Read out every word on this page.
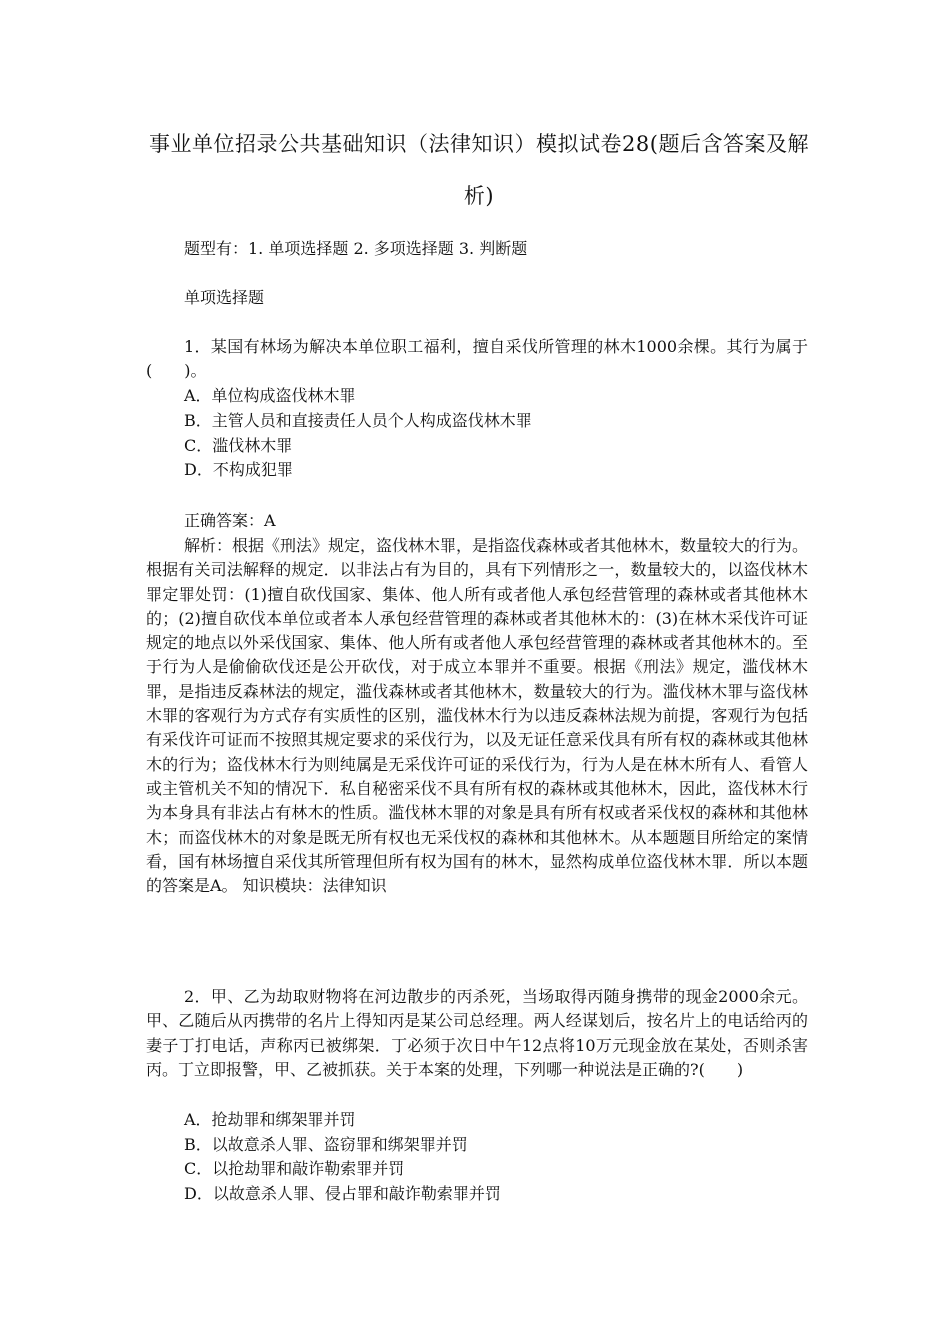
事业单位招录公共基础知识（法律知识）模拟试卷28(题后含答案及解析)
题型有：1. 单项选择题 2. 多项选择题 3. 判断题
单项选择题
1．某国有林场为解决本单位职工福利，擅自采伐所管理的林木1000余棵。其行为属于(　　)。
A．单位构成盗伐林木罪
B．主管人员和直接责任人员个人构成盗伐林木罪
C．滥伐林木罪
D．不构成犯罪
正确答案：A
解析：根据《刑法》规定，盗伐林木罪，是指盗伐森林或者其他林木，数量较大的行为。根据有关司法解释的规定．以非法占有为目的，具有下列情形之一，数量较大的，以盗伐林木罪定罪处罚：(1)擅自砍伐国家、集体、他人所有或者他人承包经营管理的森林或者其他林木的；(2)擅自砍伐本单位或者本人承包经营管理的森林或者其他林木的：(3)在林木采伐许可证规定的地点以外采伐国家、集体、他人所有或者他人承包经营管理的森林或者其他林木的。至于行为人是偷偷砍伐还是公开砍伐，对于成立本罪并不重要。根据《刑法》规定，滥伐林木罪，是指违反森林法的规定，滥伐森林或者其他林木，数量较大的行为。滥伐林木罪与盗伐林木罪的客观行为方式存有实质性的区别，滥伐林木行为以违反森林法规为前提，客观行为包括有采伐许可证而不按照其规定要求的采伐行为，以及无证任意采伐具有所有权的森林或其他林木的行为；盗伐林木行为则纯属是无采伐许可证的采伐行为，行为人是在林木所有人、看管人或主管机关不知的情况下．私自秘密采伐不具有所有权的森林或其他林木，因此，盗伐林木行为本身具有非法占有林木的性质。滥伐林木罪的对象是具有所有权或者采伐权的森林和其他林木；而盗伐林木的对象是既无所有权也无采伐权的森林和其他林木。从本题题目所给定的案情看，国有林场擅自采伐其所管理但所有权为国有的林木，显然构成单位盗伐林木罪．所以本题的答案是A。 知识模块：法律知识
2．甲、乙为劫取财物将在河边散步的丙杀死，当场取得丙随身携带的现金2000余元。甲、乙随后从丙携带的名片上得知丙是某公司总经理。两人经谋划后，按名片上的电话给丙的妻子丁打电话，声称丙已被绑架．丁必须于次日中午12点将10万元现金放在某处，否则杀害丙。丁立即报警，甲、乙被抓获。关于本案的处理，下列哪一种说法是正确的?(　　)
A．抢劫罪和绑架罪并罚
B．以故意杀人罪、盗窃罪和绑架罪并罚
C．以抢劫罪和敲诈勒索罪并罚
D．以故意杀人罪、侵占罪和敲诈勒索罪并罚
